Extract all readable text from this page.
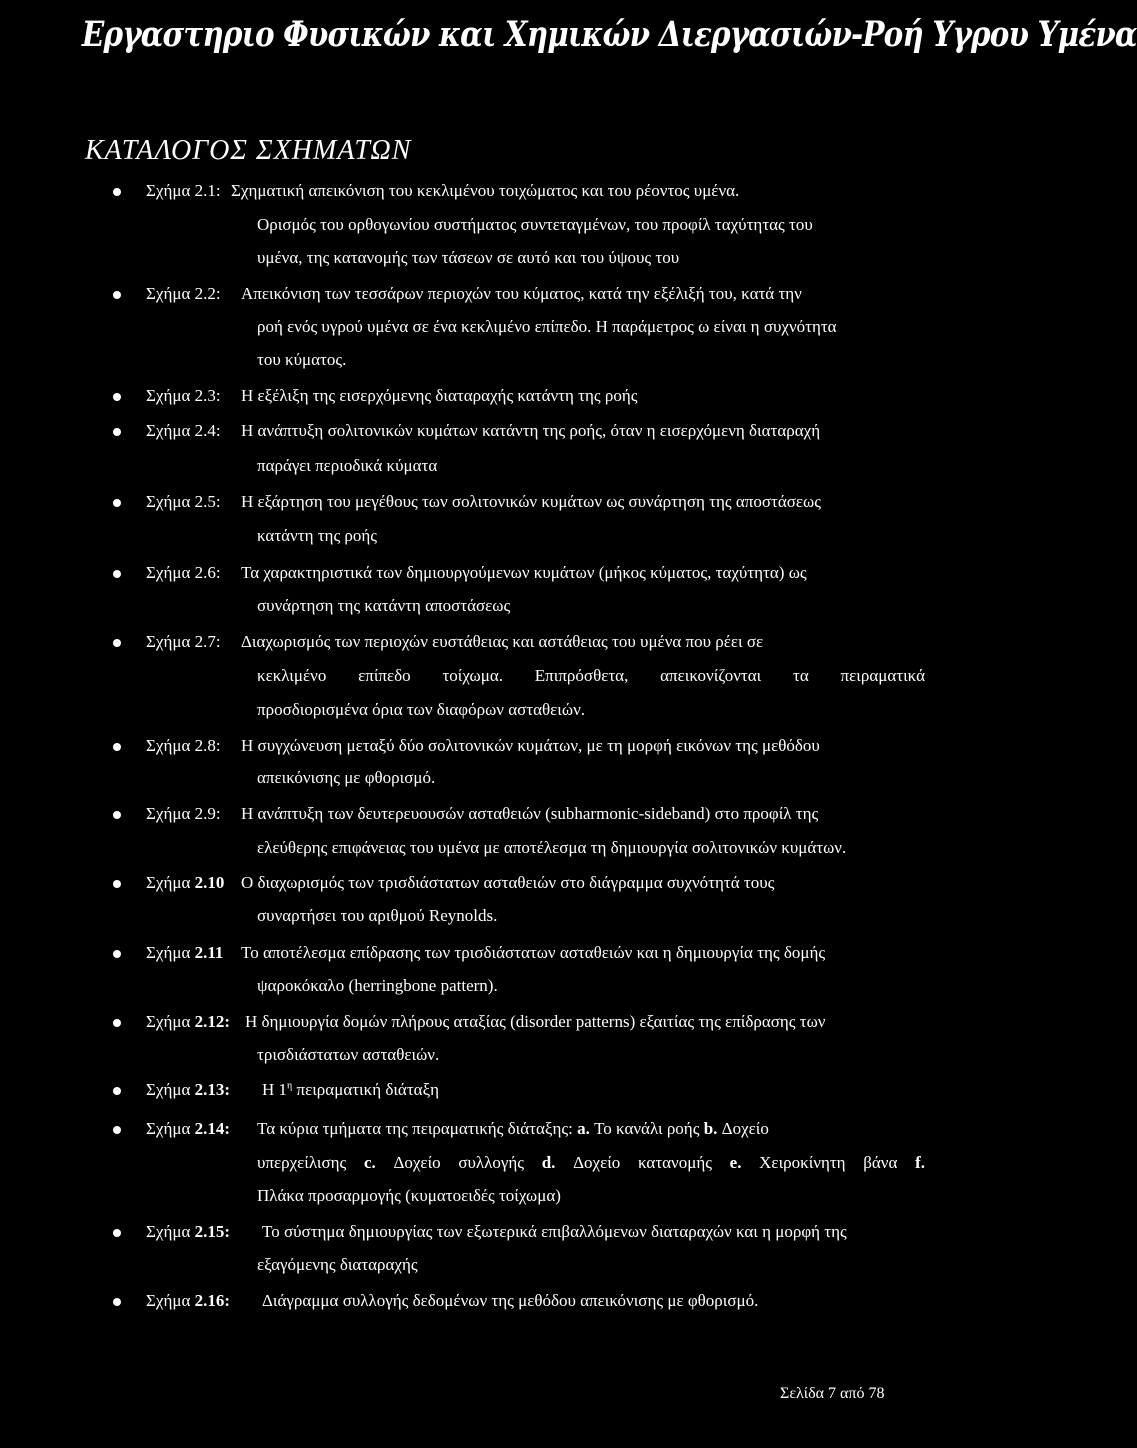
Εργαστηριο Φυσικών και Χημικών Διεργασιών-Ροή Υγρου Υμένα
ΚΑΤΑΛΟΓΟΣ ΣΧΗΜΑΤΩΝ
Σχήμα 2.1: Σχηματική απεικόνιση του κεκλιμένου τοιχώματος και του ρέοντος υμένα.
Ορισμός του ορθογωνίου συστήματος συντεταγμένων, του προφίλ ταχύτητας του
υμένα, της κατανομής των τάσεων σε αυτό και του ύψους του
Σχήμα 2.2: Απεικόνιση των τεσσάρων περιοχών του κύματος, κατά την εξέλιξή του, κατά την
ροή ενός υγρού υμένα σε ένα κεκλιμένο επίπεδο. Η παράμετρος ω είναι η συχνότητα
του κύματος.
Σχήμα 2.3: Η εξέλιξη της εισερχόμενης διαταραχής κατάντη της ροής
Σχήμα 2.4: Η ανάπτυξη σολιτονικών κυμάτων κατάντη της ροής, όταν η εισερχόμενη διαταραχή
παράγει περιοδικά κύματα
Σχήμα 2.5: Η εξάρτηση του μεγέθους των σολιτονικών κυμάτων ως συνάρτηση της αποστάσεως
κατάντη της ροής
Σχήμα 2.6: Τα χαρακτηριστικά των δημιουργούμενων κυμάτων (μήκος κύματος, ταχύτητα) ως
συνάρτηση της κατάντη αποστάσεως
Σχήμα 2.7: Διαχωρισμός των περιοχών ευστάθειας και αστάθειας του υμένα που ρέει σε
κεκλιμένο επίπεδο τοίχωμα. Επιπρόσθετα, απεικονίζονται τα πειραματικά
προσδιορισμένα όρια των διαφόρων ασταθειών.
Σχήμα 2.8: Η συγχώνευση μεταξύ δύο σολιτονικών κυμάτων, με τη μορφή εικόνων της μεθόδου
απεικόνισης με φθορισμό.
Σχήμα 2.9: Η ανάπτυξη των δευτερευουσών ασταθειών (subharmonic-sideband) στο προφίλ της
ελεύθερης επιφάνειας του υμένα με αποτέλεσμα τη δημιουργία σολιτονικών κυμάτων.
Σχήμα 2.10 Ο διαχωρισμός των τρισδιάστατων ασταθειών στο διάγραμμα συχνότητά τους
συναρτήσει του αριθμού Reynolds.
Σχήμα 2.11 Το αποτέλεσμα επίδρασης των τρισδιάστατων ασταθειών και η δημιουργία της δομής
ψαροκόκαλο (herringbone pattern).
Σχήμα 2.12: Η δημιουργία δομών πλήρους αταξίας (disorder patterns) εξαιτίας της επίδρασης των
τρισδιάστατων ασταθειών.
Σχήμα 2.13: Η $1^\eta$ πειραματική διάταξη
Σχήμα 2.14: Τα κύρια τμήματα της πειραματικής διάταξης: a. Το κανάλι ροής b. Δοχείο
υπερχείλισης c. Δοχείο συλλογής d. Δοχείο κατανομής e. Χειροκίνητη βάνα f.
Πλάκα προσαρμογής (κυματοειδές τοίχωμα)
Σχήμα 2.15: Το σύστημα δημιουργίας των εξωτερικά επιβαλλόμενων διαταραχών και η μορφή της
εξαγόμενης διαταραχής
Σχήμα 2.16: Διάγραμμα συλλογής δεδομένων της μεθόδου απεικόνισης με φθορισμό.
Σελίδα 7 από 78
